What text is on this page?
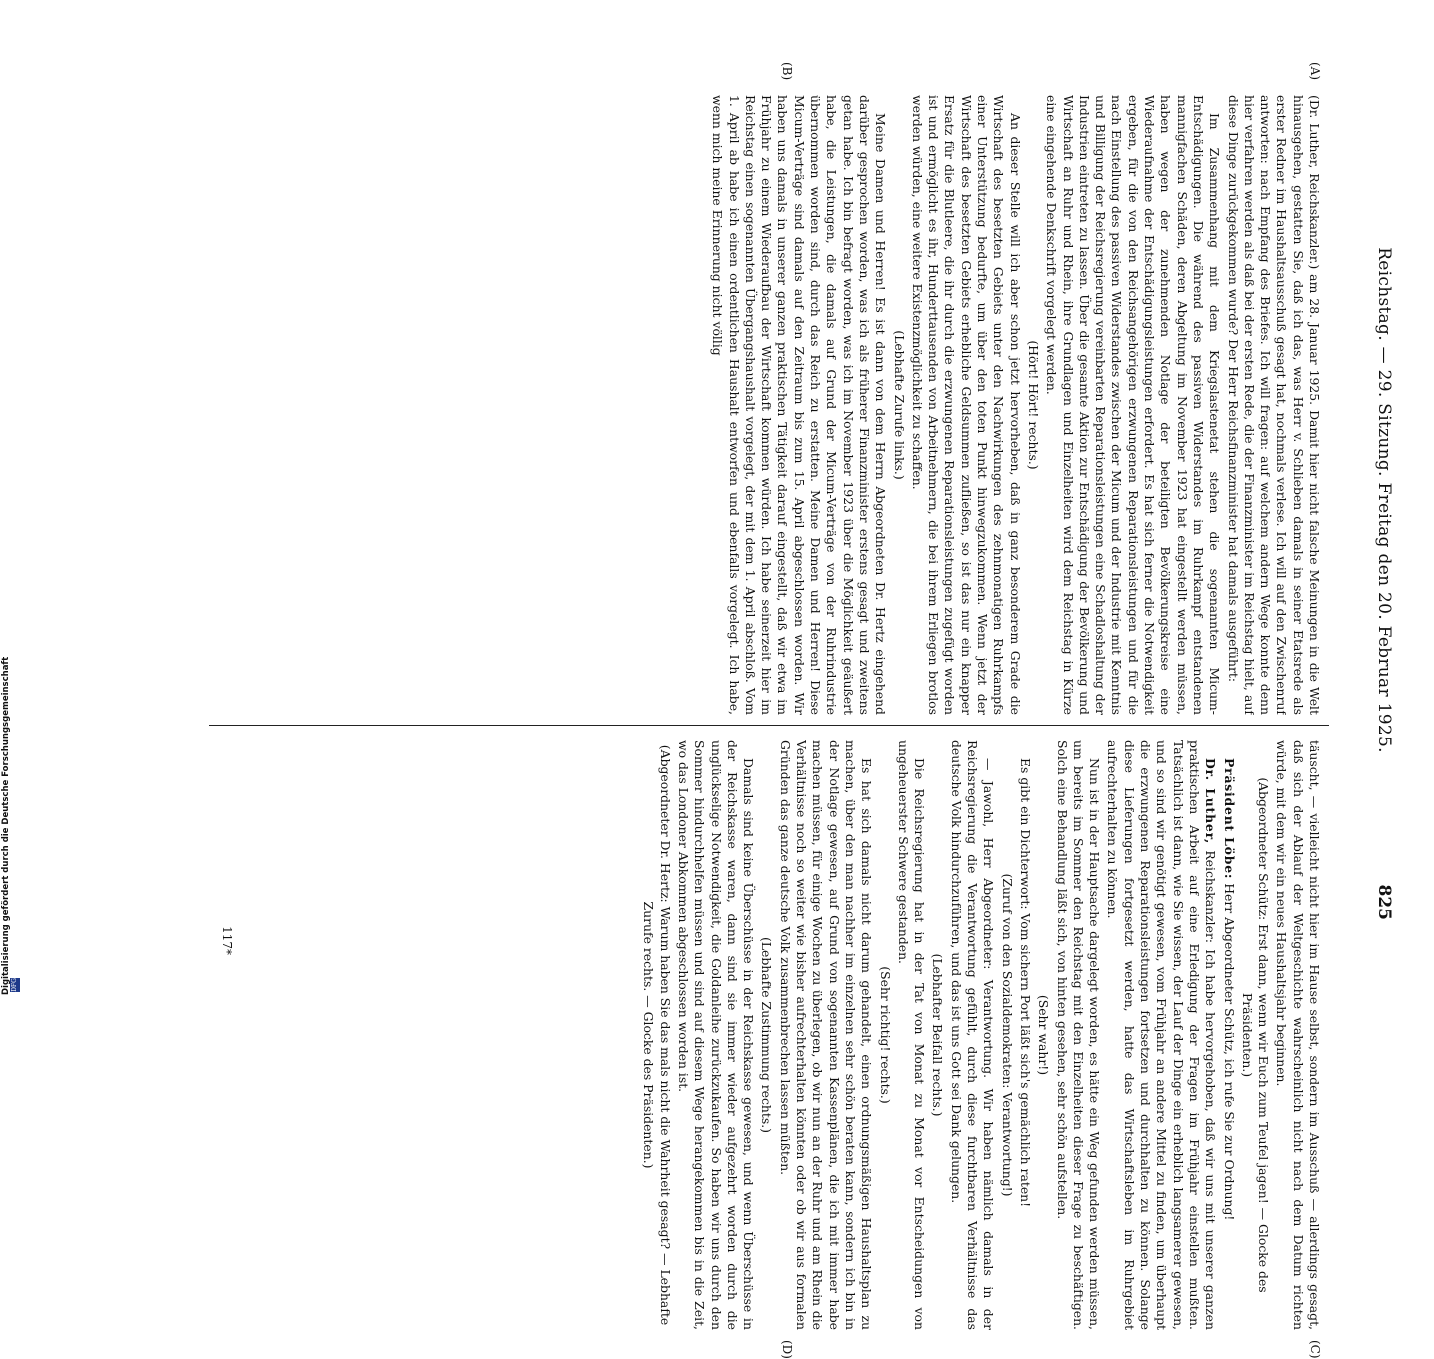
Digitalisierung gefördert durch die Deutsche Forschungsgemeinschaft DFG
Reichstag. — 29. Sitzung. Freitag den 20. Februar 1925.
825
(A)
(B)
(C)
(D)

(Dr. Luther, Reichskanzler.) am 28. Januar 1925. Damit hier nicht falsche Meinungen in die Welt hinausgehen, gestatten Sie, daß ich das, was Herr v. Schlieben damals in seiner Etatsrede als erster Redner im Haushaltsausschuß gesagt hat, nochmals verlese. Ich will auf den Zwischenruf antworten: nach Empfang des Briefes. Ich will fragen: auf welchem andern Wege konnte denn hier verfahren werden als daß bei der ersten Rede, die der Finanzminister im Reichstag hielt, auf diese Dinge zurückgekommen wurde? Der Herr Reichsfinanzminister hat damals ausgeführt:

Im Zusammenhang mit dem Kriegslastenetat stehen die sogenannten Micum-Entschädigungen. Die während des passiven Widerstandes im Ruhrkampf entstandenen mannigfachen Schäden, deren Abgeltung im November 1923 hat eingestellt werden müssen, haben wegen der zunehmenden Notlage der beteiligten Bevölkerungskreise eine Wiederaufnahme der Entschädigungsleistungen erfordert. Es hat sich ferner die Notwendigkeit ergeben, für die von den Reichsangehörigen erzwungenen Reparationsleistungen und für die nach Einstellung des passiven Widerstandes zwischen der Micum und der Industrie mit Kenntnis und Billigung der Reichsregierung vereinbarten Reparationsleistungen eine Schadloshaltung der Industrien eintreten zu lassen. Über die gesamte Aktion zur Entschädigung der Bevölkerung und Wirtschaft an Ruhr und Rhein, ihre Grundlagen und Einzelheiten wird dem Reichstag in Kürze eine eingehende Denkschrift vorgelegt werden.

(Hört! Hört! rechts.)

An dieser Stelle will ich aber schon jetzt hervorheben, daß in ganz besonderem Grade die Wirtschaft des besetzten Gebiets unter den Nachwirkungen des zehnmonatigen Ruhrkampfs einer Unterstützung bedurfte, um über den toten Punkt hinwegzukommen. Wenn jetzt der Wirtschaft des besetzten Gebiets erhebliche Geldsummen zufließen, so ist das nur ein knapper Ersatz für die Blutleere, die ihr durch die erzwungenen Reparationsleistungen zugefügt worden ist und ermöglicht es ihr, Hunderttausenden von Arbeitnehmern, die bei ihrem Erliegen brotlos werden würden, eine weitere Existenzmöglichkeit zu schaffen.

(Lebhafte Zurufe links.)

Meine Damen und Herren! Es ist dann von dem Herrn Abgeordneten Dr. Hertz eingehend darüber gesprochen worden, was ich als früherer Finanzminister erstens gesagt und zweitens getan habe. Ich bin befragt worden, was ich im November 1923 über die Möglichkeit geäußert habe, die Leistungen, die damals auf Grund der Micum-Verträge von der Ruhrindustrie übernommen worden sind, durch das Reich zu erstatten. Meine Damen und Herren! Diese Micum-Verträge sind damals auf den Zeitraum bis zum 15. April abgeschlossen worden. Wir haben uns damals in unserer ganzen praktischen Tätigkeit darauf eingestellt, daß wir etwa im Frühjahr zu einem Wiederaufbau der Wirtschaft kommen würden. Ich habe seinerzeit hier im Reichstag einen sogenannten Übergangshaushalt vorgelegt, der mit dem 1. April abschloß. Vom 1. April ab habe ich einen ordentlichen Haushalt entworfen und ebenfalls vorgelegt. Ich habe, wenn mich meine Erinnerung nicht völlig

täuscht, — vielleicht nicht hier im Hause selbst, sondern im Ausschuß — allerdings gesagt, daß sich der Ablauf der Weltgeschichte wahrscheinlich nicht nach dem Datum richten würde, mit dem wir ein neues Haushaltsjahr beginnen.

(Abgeordneter Schütz: Erst dann, wenn wir Euch zum Teufel jagen! — Glocke des Präsidenten.)

Präsident Löbe: Herr Abgeordneter Schütz, ich rufe Sie zur Ordnung!

Dr. Luther, Reichskanzler: Ich habe hervorgehoben, daß wir uns mit unserer ganzen praktischen Arbeit auf eine Erledigung der Fragen im Frühjahr einstellen mußten. Tatsächlich ist dann, wie Sie wissen, der Lauf der Dinge ein erheblich langsamerer gewesen, und so sind wir genötigt gewesen, vom Frühjahr an andere Mittel zu finden, um überhaupt die erzwungenen Reparationsleistungen fortsetzen und durchhalten zu können. Solange diese Lieferungen fortgesetzt werden, hatte das Wirtschaftsleben im Ruhrgebiet aufrechterhalten zu können.

Nun ist in der Hauptsache dargelegt worden, es hätte ein Weg gefunden werden müssen, um bereits im Sommer den Reichstag mit den Einzelheiten dieser Frage zu beschäftigen. Solch eine Behandlung läßt sich, von hinten gesehen, sehr schön aufstellen.

(Sehr wahr!)

Es gibt ein Dichterwort: Vom sichern Port läßt sich's gemächlich raten!

(Zuruf von den Sozialdemokraten: Verantwortung!)

— Jawohl, Herr Abgeordneter: Verantwortung. Wir haben nämlich damals in der Reichsregierung die Verantwortung gefühlt, durch diese furchtbaren Verhältnisse das deutsche Volk hindurchzuführen, und das ist uns Gott sei Dank gelungen.

(Lebhafter Beifall rechts.)

Die Reichsregierung hat in der Tat von Monat zu Monat vor Entscheidungen von ungeheuerster Schwere gestanden.

(Sehr richtig! rechts.)

Es hat sich damals nicht darum gehandelt, einen ordnungsmäßigen Haushaltsplan zu machen, über den man nachher im einzelnen sehr schön beraten kann, sondern ich bin in der Notlage gewesen, auf Grund von sogenannten Kassenplänen, die ich mit immer habe machen müssen, für einige Wochen zu überlegen, ob wir nun an der Ruhr und am Rhein die Verhältnisse noch so weiter wie bisher aufrechterhalten könnten oder ob wir aus formalen Gründen das ganze deutsche Volk zusammenbrechen lassen müßten.

(Lebhafte Zustimmung rechts.)

Damals sind keine Überschüsse in der Reichskasse gewesen, und wenn Überschüsse in der Reichskasse waren, dann sind sie immer wieder aufgezehrt worden durch die unglückselige Notwendigkeit, die Goldanleihe zurückzukaufen. So haben wir uns durch den Sommer hindurchhelfen müssen und sind auf diesem Wege herangekommen bis in die Zeit, wo das Londoner Abkommen abgeschlossen worden ist.

(Abgeordneter Dr. Hertz: Warum haben Sie das mals nicht die Wahrheit gesagt? — Lebhafte Zurufe rechts. — Glocke des Präsidenten.)

117*
